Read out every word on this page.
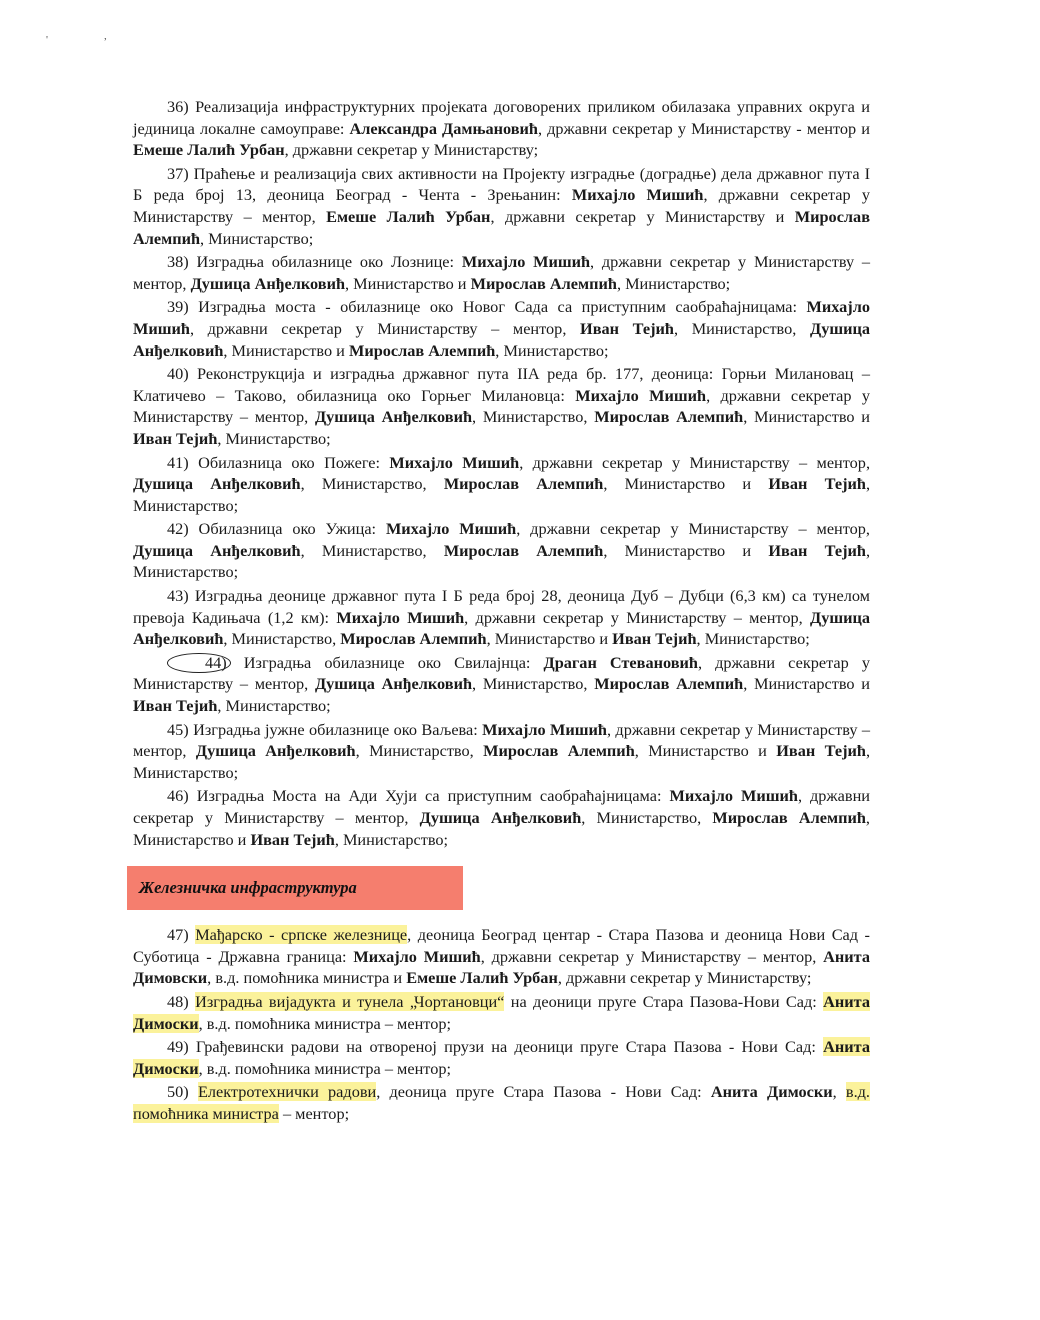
'	,

36) Реализација инфраструктурних пројеката договорених приликом обилазака управних округа и јединица локалне самоуправе: Александра Дамњановић, државни секретар у Министарству - ментор и Емеше Лалић Урбан, државни секретар у Министарству;

37) Праћење и реализација свих активности на Пројекту изградње (доградње) дела државног пута I Б реда број 13, деоница Београд - Чента - Зрењанин: Михајло Мишић, државни секретар у Министарству – ментор, Емеше Лалић Урбан, државни секретар у Министарству и Мирослав Алемпић, Министарство;

38) Изградња обилазнице око Лознице: Михајло Мишић, државни секретар у Министарству – ментор, Душица Анђелковић, Министарство и Мирослав Алемпић, Министарство;

39) Изградња моста - обилазнице око Новог Сада са приступним саобраћајницама: Михајло Мишић, државни секретар у Министарству – ментор, Иван Тејић, Министарство, Душица Анђелковић, Министарство и Мирослав Алемпић, Министарство;

40) Реконструкција и изградња државног пута IIA реда бр. 177, деоница: Горњи Милановац – Клатичево – Таково, обилазница око Горњег Милановца: Михајло Мишић, државни секретар у Министарству – ментор, Душица Анђелковић, Министарство, Мирослав Алемпић, Министарство и Иван Тејић, Министарство;

41) Обилазница око Пожеге: Михајло Мишић, државни секретар у Министарству – ментор, Душица Анђелковић, Министарство, Мирослав Алемпић, Министарство и Иван Тејић, Министарство;

42) Обилазница око Ужица: Михајло Мишић, државни секретар у Министарству – ментор, Душица Анђелковић, Министарство, Мирослав Алемпић, Министарство и Иван Тејић, Министарство;

43) Изградња деонице државног пута I Б реда број 28, деоница Дуб – Дубци (6,3 км) са тунелом превоја Кадињача (1,2 км): Михајло Мишић, државни секретар у Министарству – ментор, Душица Анђелковић, Министарство, Мирослав Алемпић, Министарство и Иван Тејић, Министарство;

44) Изградња обилазнице око Свилајнца: Драган Стевановић, државни секретар у Министарству – ментор, Душица Анђелковић, Министарство, Мирослав Алемпић, Министарство и Иван Тејић, Министарство;

45) Изградња јужне обилазнице око Ваљева: Михајло Мишић, државни секретар у Министарству – ментор, Душица Анђелковић, Министарство, Мирослав Алемпић, Министарство и Иван Тејић, Министарство;

46) Изградња Моста на Ади Хуји са приступним саобраћајницама: Михајло Мишић, државни секретар у Министарству – ментор, Душица Анђелковић, Министарство, Мирослав Алемпић, Министарство и Иван Тејић, Министарство;

Железничка инфраструктура

47) Мађарско - српске железнице, деоница Београд центар - Стара Пазова и деоница Нови Сад - Суботица - Државна граница: Михајло Мишић, државни секретар у Министарству – ментор, Анита Димовски, в.д. помоћника министра и Емеше Лалић Урбан, државни секретар у Министарству;

48) Изградња вијадукта и тунела „Чортановци“ на деоници пруге Стара Пазова-Нови Сад: Анита Димоски, в.д. помоћника министра – ментор;

49) Грађевински радови на отвореној прузи на деоници пруге Стара Пазова - Нови Сад: Анита Димоски, в.д. помоћника министра – ментор;

50) Електротехнички радови, деоница пруге Стара Пазова - Нови Сад: Анита Димоски, в.д. помоћника министра – ментор;
